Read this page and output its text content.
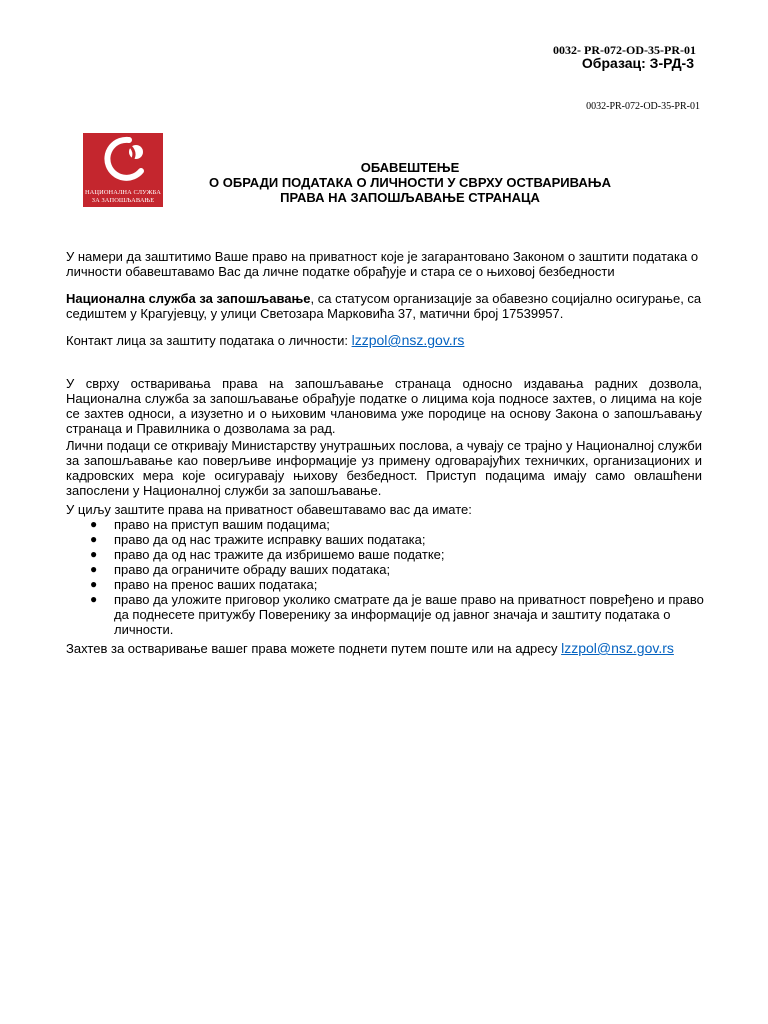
0032- PR-072-OD-35-PR-01
Образац: З-РД-3
0032-PR-072-OD-35-PR-01
НАЦИОНАЛНА СЛУЖБА
ЗА ЗАПОШЉАВАЊЕ
ОБАВЕШТЕЊЕ
О ОБРАДИ ПОДАТАКА О ЛИЧНОСТИ У СВРХУ ОСТВАРИВАЊА
ПРАВА НА ЗАПОШЉАВАЊЕ СТРАНАЦА
У намери да заштитимо Ваше право на приватност које је загарантовано Законом о заштити података о личности обавештавамо Вас да личне податке обрађује и стара се о њиховој безбедности
Национална служба за запошљавање, са статусом организације за обавезно социјално осигурање, са седиштем у Крагујевцу, у улици Светозара Марковића 37, матични број 17539957.
Контакт лица за заштиту података о личности: lzzpol@nsz.gov.rs
У сврху остваривања права на запошљавање странаца односно издавања радних дозвола, Национална служба за запошљавање обрађује податке о лицима која подносе захтев, о лицима на које се захтев односи, а изузетно и о њиховим члановима уже породице на основу Закона о запошљавању странаца и Правилника о дозволама за рад.
Лични подаци се откривају Министарству унутрашњих послова, а чувају се трајно у Националној служби за запошљавање као поверљиве информације уз примену одговарајућих техничких, организационих и кадровских мера које осигуравају њихову безбедност. Приступ подацима имају само овлашћени запослени у Националној служби за запошљавање.
У циљу заштите права на приватност обавештавамо вас да имате:
● право на приступ вашим подацима;
● право да од нас тражите исправку ваших података;
● право да од нас тражите да избришемо ваше податке;
● право да ограничите обраду ваших података;
● право на пренос ваших података;
● право да уложите приговор уколико сматрате да је ваше право на приватност повређено и право да поднесете притужбу Поверенику за информације од јавног значаја и заштиту података о личности.
Захтев за остваривање вашег права можете поднети путем поште или на адресу lzzpol@nsz.gov.rs
